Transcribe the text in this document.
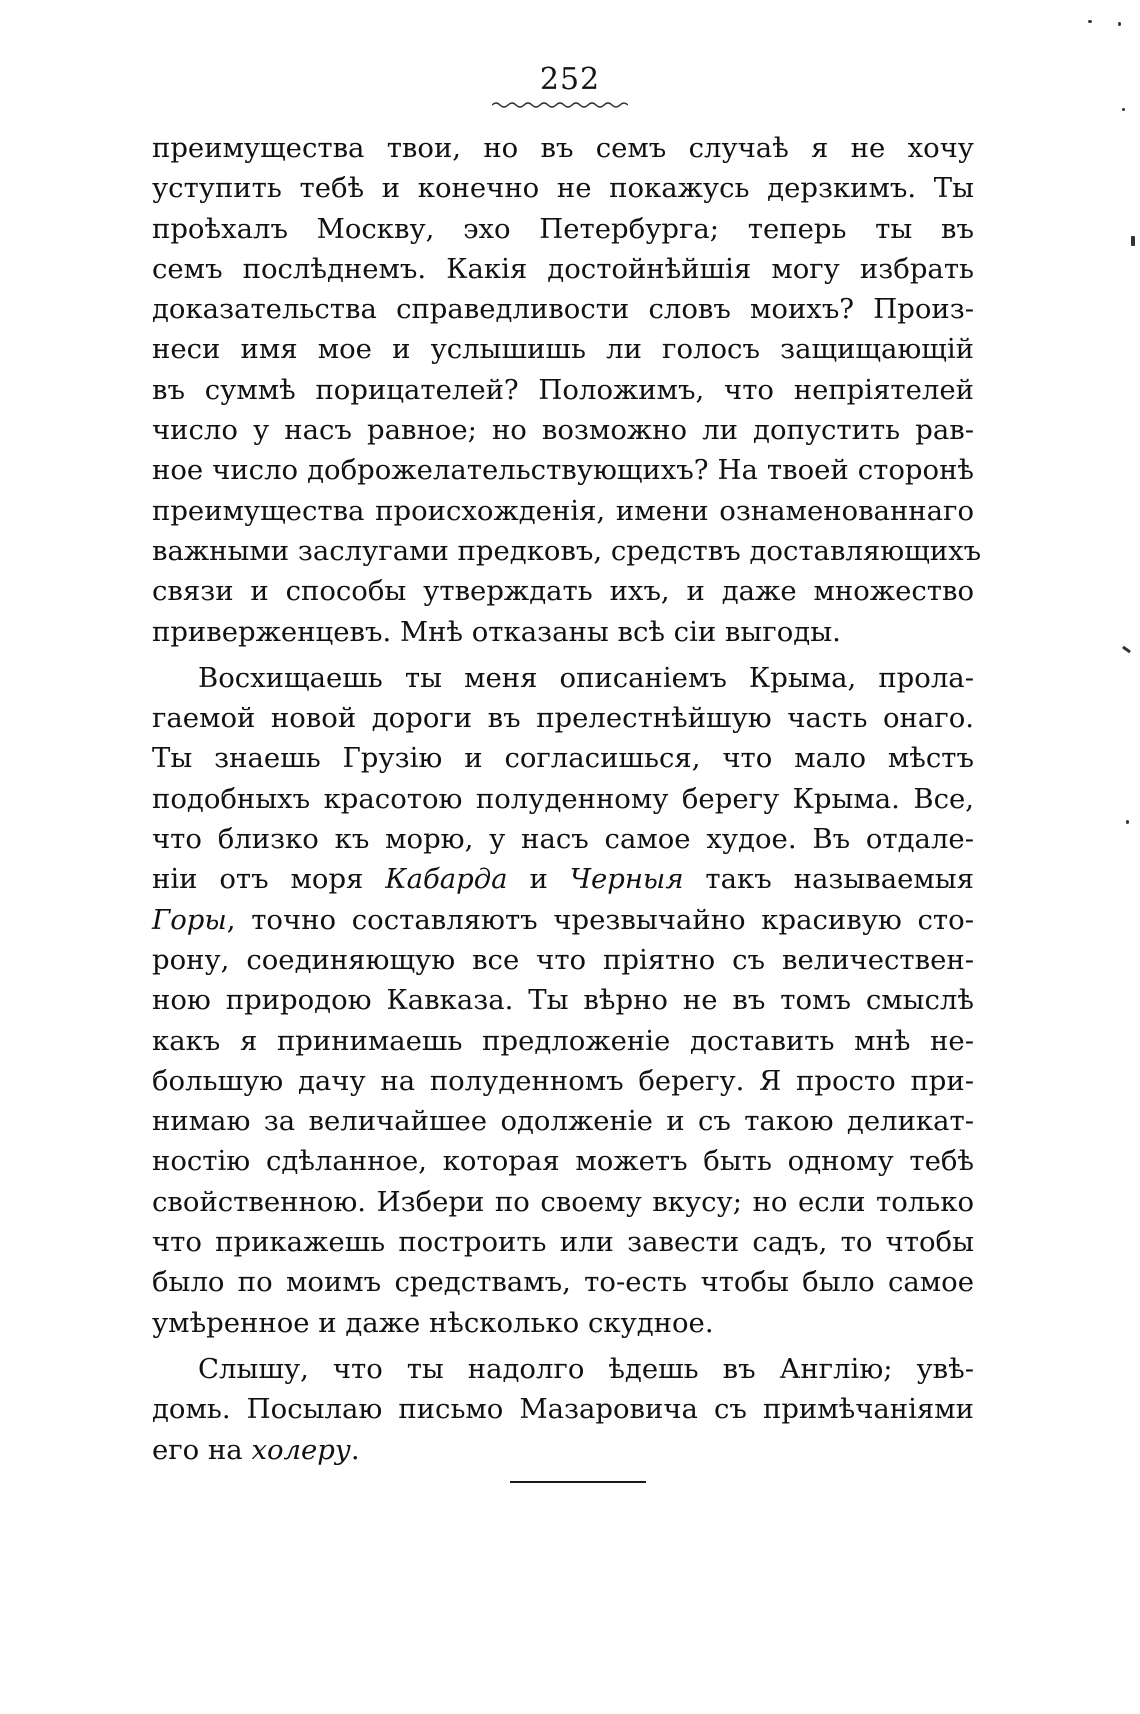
252
преимущества твои, но въ семъ случаѣ я не хочу
уступить тебѣ и конечно не покажусь дерзкимъ. Ты
проѣхалъ Москву, эхо Петербурга; теперь ты въ
семъ послѣднемъ. Какія достойнѣйшія могу избрать
доказательства справедливости словъ моихъ? Произ-
неси имя мое и услышишь ли голосъ защищающій
въ суммѣ порицателей? Положимъ, что непріятелей
число у насъ равное; но возможно ли допустить рав-
ное число доброжелательствующихъ? На твоей сторонѣ
преимущества происхожденія, имени ознаменованнаго
важными заслугами предковъ, средствъ доставляющихъ
связи и способы утверждать ихъ, и даже множество
приверженцевъ. Мнѣ отказаны всѣ сіи выгоды.
Восхищаешь ты меня описаніемъ Крыма, прола-
гаемой новой дороги въ прелестнѣйшую часть онаго.
Ты знаешь Грузію и согласишься, что мало мѣстъ
подобныхъ красотою полуденному берегу Крыма. Все,
что близко къ морю, у насъ самое худое. Въ отдале-
ніи отъ моря Кабарда и Черныя такъ называемыя
Горы, точно составляютъ чрезвычайно красивую сто-
рону, соединяющую все что пріятно съ величествен-
ною природою Кавказа. Ты вѣрно не въ томъ смыслѣ
какъ я принимаешь предложеніе доставить мнѣ не-
большую дачу на полуденномъ берегу. Я просто при-
нимаю за величайшее одолженіе и съ такою деликат-
ностію сдѣланное, которая можетъ быть одному тебѣ
свойственною. Избери по своему вкусу; но если только
что прикажешь построить или завести садъ, то чтобы
было по моимъ средствамъ, то-есть чтобы было самое
умѣренное и даже нѣсколько скудное.
Слышу, что ты надолго ѣдешь въ Англію; увѣ-
домь. Посылаю письмо Мазаровича съ примѣчаніями
его на холеру.
